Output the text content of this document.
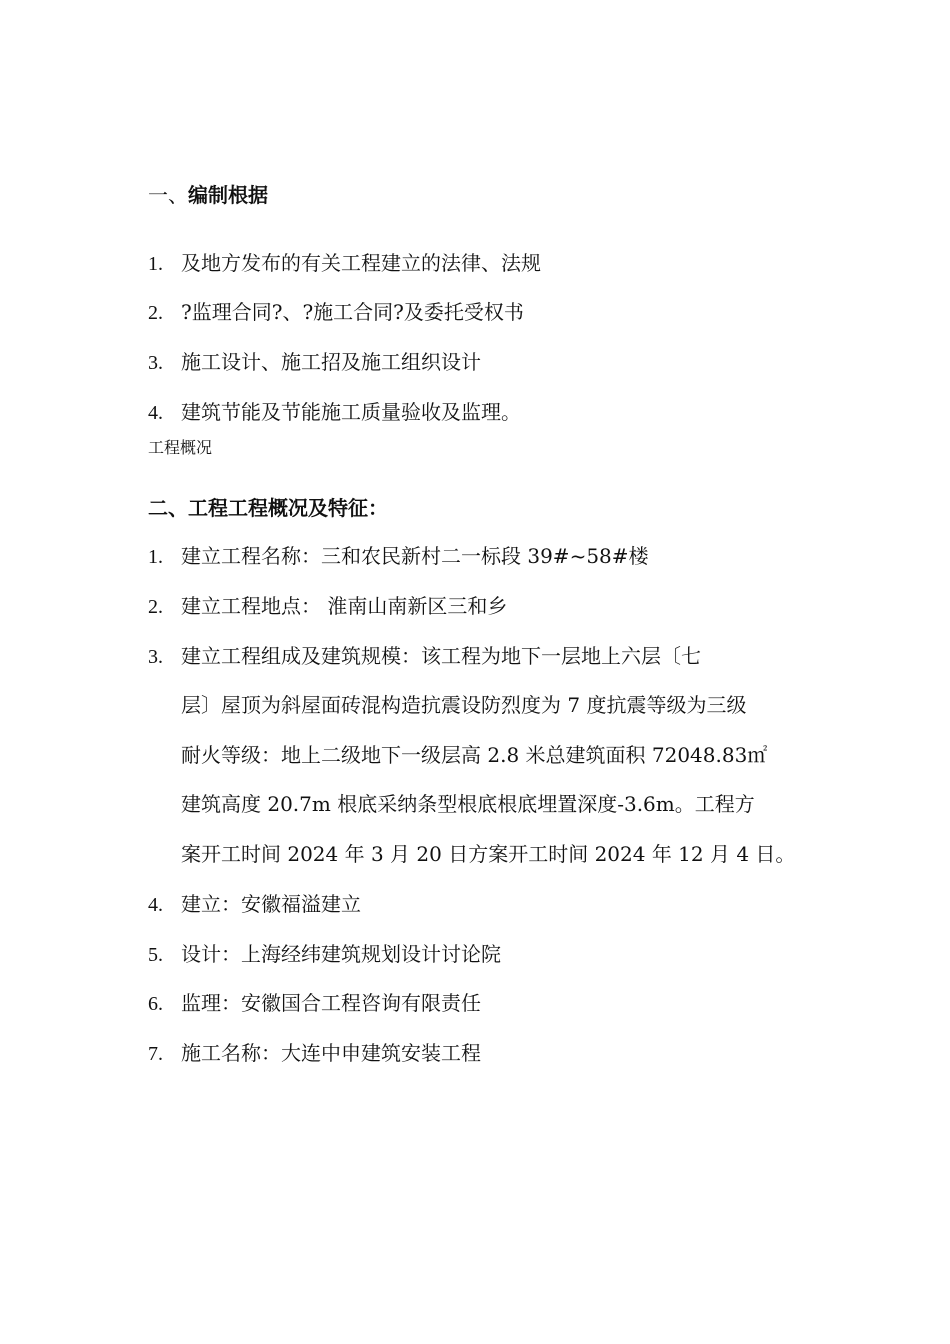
一、编制根据
1. 及地方发布的有关工程建立的法律、法规
2. ?监理合同?、?施工合同?及委托受权书
3. 施工设计、施工招及施工组织设计
4. 建筑节能及节能施工质量验收及监理。
工程概况
二、工程工程概况及特征：
1. 建立工程名称：三和农民新村二一标段 39#~58#楼
2. 建立工程地点： 淮南山南新区三和乡
3. 建立工程组成及建筑规模：该工程为地下一层地上六层〔七
层〕屋顶为斜屋面砖混构造抗震设防烈度为 7 度抗震等级为三级
耐火等级：地上二级地下一级层高 2.8 米总建筑面积 72048.83㎡
建筑高度 20.7m 根底采纳条型根底根底埋置深度-3.6m。工程方
案开工时间 2024 年 3 月 20 日方案开工时间 2024 年 12 月 4 日。
4. 建立：安徽福溢建立
5. 设计：上海经纬建筑规划设计讨论院
6. 监理：安徽国合工程咨询有限责任
7. 施工名称：大连中申建筑安装工程
